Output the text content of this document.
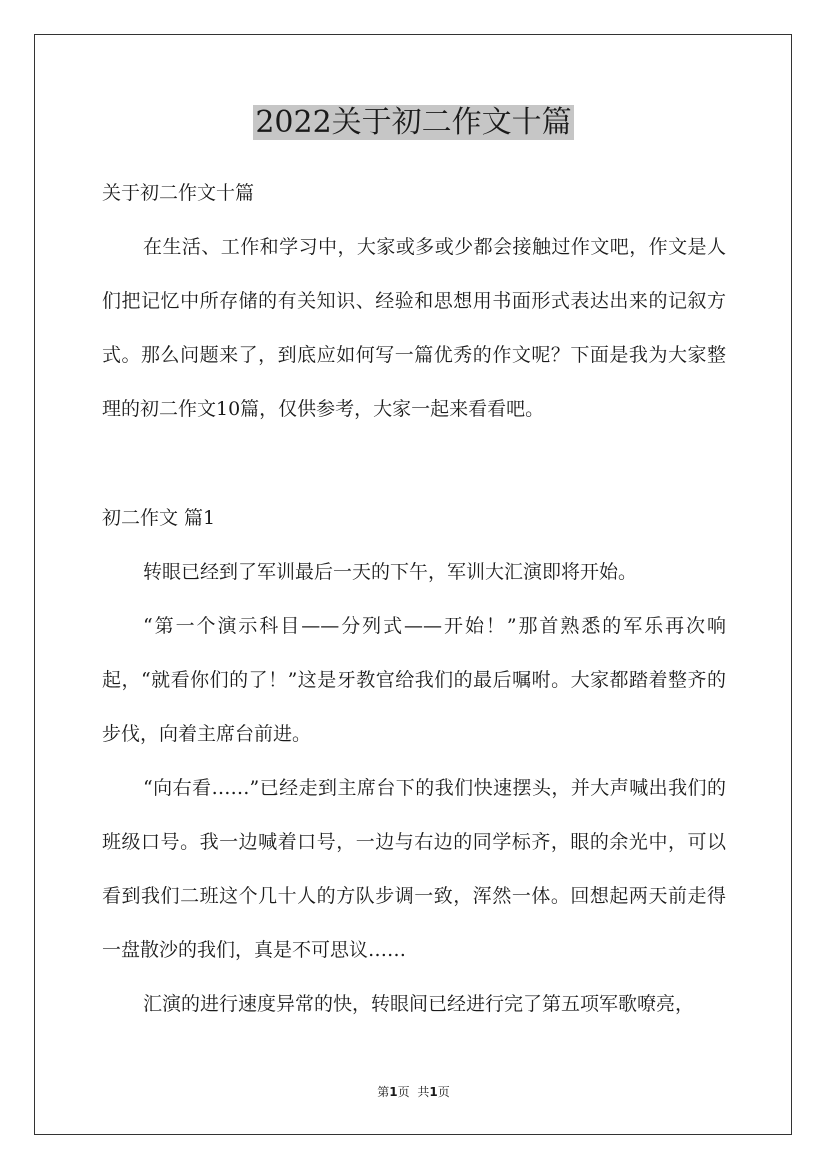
2022关于初二作文十篇

关于初二作文十篇

在生活、工作和学习中，大家或多或少都会接触过作文吧，作文是人们把记忆中所存储的有关知识、经验和思想用书面形式表达出来的记叙方式。那么问题来了，到底应如何写一篇优秀的作文呢？下面是我为大家整理的初二作文10篇，仅供参考，大家一起来看看吧。

初二作文 篇1

转眼已经到了军训最后一天的下午，军训大汇演即将开始。

“第一个演示科目——分列式——开始！”那首熟悉的军乐再次响起，“就看你们的了！”这是牙教官给我们的最后嘱咐。大家都踏着整齐的步伐，向着主席台前进。

“向右看……”已经走到主席台下的我们快速摆头，并大声喊出我们的班级口号。我一边喊着口号，一边与右边的同学标齐，眼的余光中，可以看到我们二班这个几十人的方队步调一致，浑然一体。回想起两天前走得一盘散沙的我们，真是不可思议……

汇演的进行速度异常的快，转眼间已经进行完了第五项军歌嘹亮，

第1页 共1页
